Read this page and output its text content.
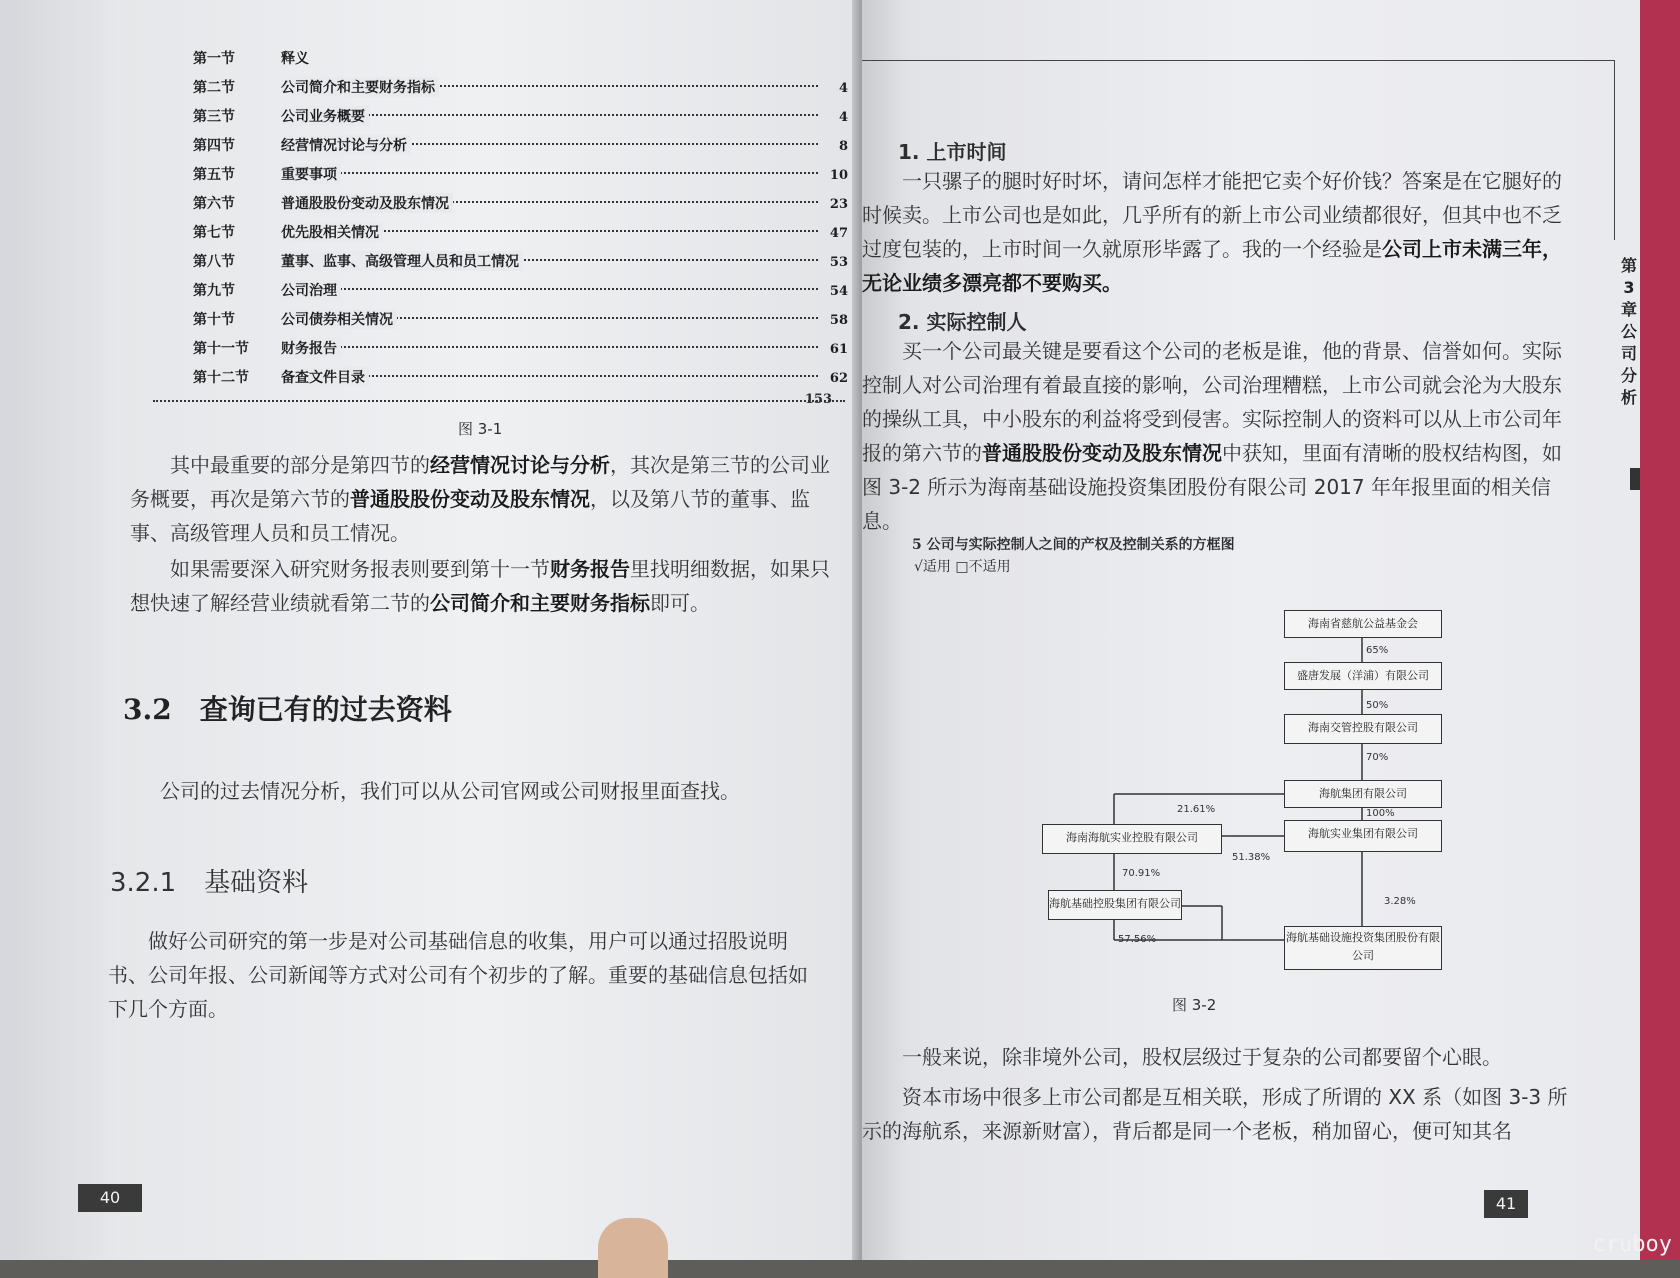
第一节	释义
第二节	公司简介和主要财务指标	4
第三节	公司业务概要	4
第四节	经营情况讨论与分析	8
第五节	重要事项	10
第六节	普通股股份变动及股东情况	23
第七节	优先股相关情况	47
第八节	董事、监事、高级管理人员和员工情况	53
第九节	公司治理	54
第十节	公司债券相关情况	58
第十一节	财务报告	61
第十二节	备查文件目录	62
153
图 3-1
其中最重要的部分是第四节的经营情况讨论与分析，其次是第三节的公司业务概要，再次是第六节的普通股股份变动及股东情况，以及第八节的董事、监事、高级管理人员和员工情况。
如果需要深入研究财务报表则要到第十一节财务报告里找明细数据，如果只想快速了解经营业绩就看第二节的公司简介和主要财务指标即可。
3.2 查询已有的过去资料
公司的过去情况分析，我们可以从公司官网或公司财报里面查找。
3.2.1 基础资料
做好公司研究的第一步是对公司基础信息的收集，用户可以通过招股说明书、公司年报、公司新闻等方式对公司有个初步的了解。重要的基础信息包括如下几个方面。
40
第3章 公司分析
1. 上市时间
一只骡子的腿时好时坏，请问怎样才能把它卖个好价钱？答案是在它腿好的时候卖。上市公司也是如此，几乎所有的新上市公司业绩都很好，但其中也不乏过度包装的，上市时间一久就原形毕露了。我的一个经验是公司上市未满三年，无论业绩多漂亮都不要购买。
2. 实际控制人
买一个公司最关键是要看这个公司的老板是谁，他的背景、信誉如何。实际控制人对公司治理有着最直接的影响，公司治理糟糕，上市公司就会沦为大股东的操纵工具，中小股东的利益将受到侵害。实际控制人的资料可以从上市公司年报的第六节的普通股股份变动及股东情况中获知，里面有清晰的股权结构图，如图 3-2 所示为海南基础设施投资集团股份有限公司 2017 年年报里面的相关信息。
5 公司与实际控制人之间的产权及控制关系的方框图
√适用 □不适用
海南省慈航公益基金会
65%
盛唐发展（洋浦）有限公司
50%
海南交管控股有限公司
70%
海航集团有限公司
21.61%	100%
海航实业集团有限公司
海南海航实业控股有限公司
51.38%
70.91%
3.28%
海航基础控股集团有限公司
57.56%	海航基础设施投资集团股份有限公司
图 3-2
一般来说，除非境外公司，股权层级过于复杂的公司都要留个心眼。
资本市场中很多上市公司都是互相关联，形成了所谓的 XX 系（如图 3-3 所示的海航系，来源新财富），背后都是同一个老板，稍加留心，便可知其名
41
cruboy
